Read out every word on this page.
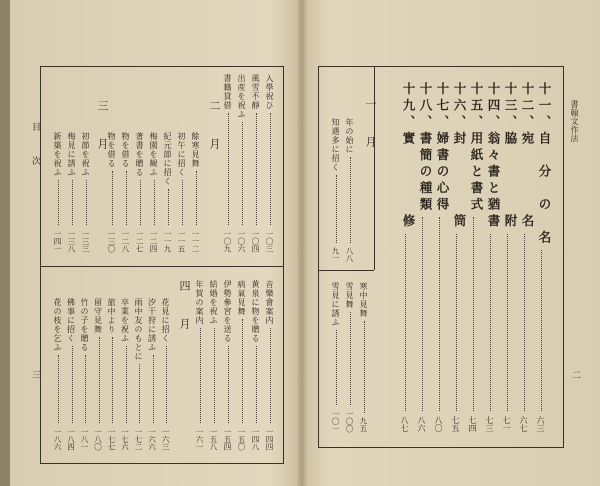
目　次
三
入學祝ひ
一〇三
風雪不靜
一〇四
出産を祝ふ
一〇六
書籍貸借
一〇九
二　月
餘寒見舞
一一二
初午に招く
一一五
紀元節に招く
一一九
梅園を観ふ
一二四
著書を贈る
一二七
物を借る
一二八
物を借る
一三〇
三　月
初節を祝ふ
一三三
梅見に誘ふ
一三八
新築を祝ふ
一四一
音樂會案内
一四四
黄泉に物を贈る
一四八
病氣見舞
一五〇
伊勢參宮を送る
一五四
結婚を祝ふ
一五八
年賀の案内
一六一
四　月
花見に招く
一六三
汐干狩に誘ふ
一六六
雨中友のもとに
一七二
卒業を祝ふ
一七六
旅中より
一七七
留守見舞
一八〇
竹の子を贈る
一八一
佛事に招く
一八四
花の枝を乞ふ
一八六
書翰文作法
二
十一、自　分　の　名
六三
十二、宛　　　　名
六七
十三、脇　　　　附
七一
十四、翁々書と猶書
七三
十五、用紙と書式
七四
十六、封　　　　筒
七五
十七、婦書の心得
八〇
十八、書簡の種類
八六
十九、實　　　　修
八七
一　月
年の始に
八八
知遇多に招く
九一
寒中見舞
九五
雪見舞
一〇〇
雪見に誘ふ
一〇一
